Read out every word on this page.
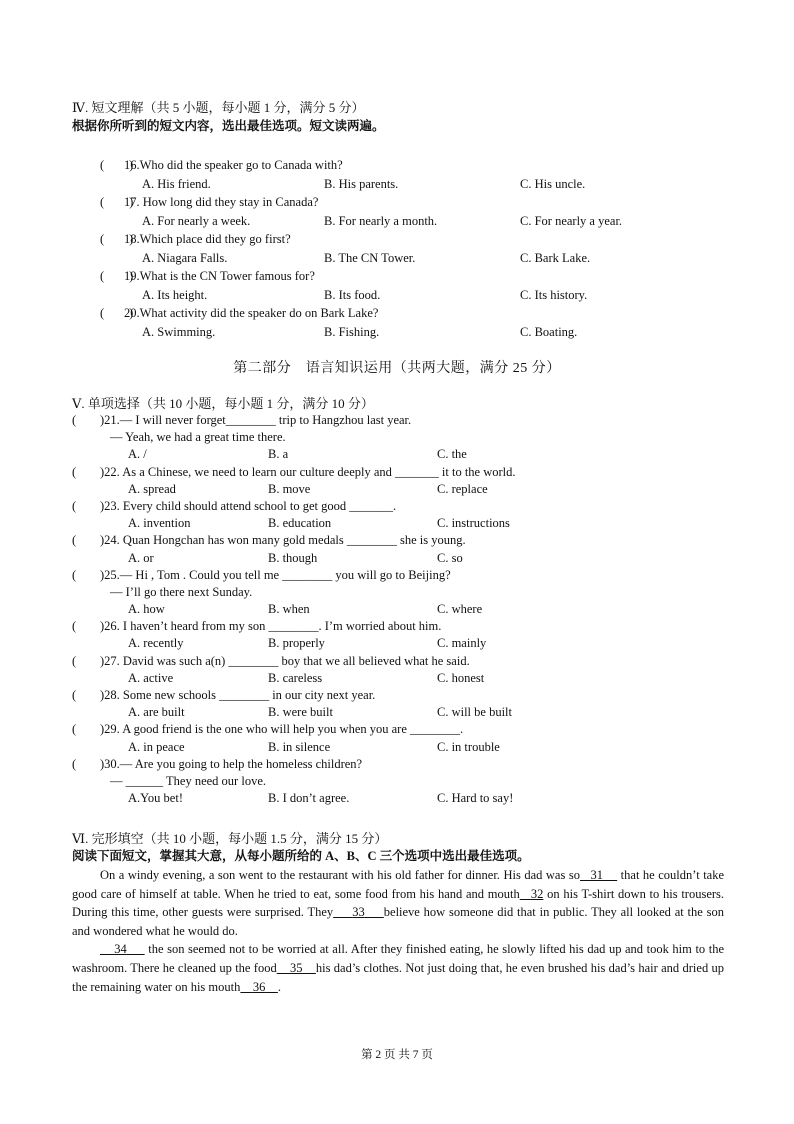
Ⅳ. 短文理解（共 5 小题，每小题 1 分，满分 5 分）
根据你所听到的短文内容，选出最佳选项。短文读两遍。
(　　)
16.Who did the speaker go to Canada with?
A. His friend.	B. His parents.	C. His uncle.
(　　)
17. How long did they stay in Canada?
A. For nearly a week.	B. For nearly a month.	C. For nearly a year.
(　　)
18.Which place did they go first?
A. Niagara Falls.	B. The CN Tower.	C. Bark Lake.
(　　)
19.What is the CN Tower famous for?
A. Its height.	B. Its food.	C. Its history.
(　　)
20.What activity did the speaker do on Bark Lake?
A. Swimming.	B. Fishing.	C. Boating.
第二部分　语言知识运用（共两大题，满分 25 分）
Ⅴ. 单项选择（共 10 小题，每小题 1 分，满分 10 分）
(　　
)21.— I will never forget________ trip to Hangzhou last year.
— Yeah, we had a great time there.
A. /	B. a	C. the
(　　
)22. As a Chinese, we need to learn our culture deeply and _______ it to the world.
A. spread	B. move	C. replace
(　　
)23. Every child should attend school to get good _______.
A. invention	B. education	C. instructions
(　　
)24. Quan Hongchan has won many gold medals ________ she is young.
A. or	B. though	C. so
(　　
)25.— Hi , Tom . Could you tell me ________ you will go to Beijing?
— I’ll go there next Sunday.
A. how	B. when	C. where
(　　
)26. I haven’t heard from my son ________. I’m worried about him.
A. recently	B. properly	C. mainly
(　　
)27. David was such a(n) ________ boy that we all believed what he said.
A. active	B. careless	C. honest
(　　
)28. Some new schools ________ in our city next year.
A. are built	B. were built	C. will be built
(　　
)29. A good friend is the one who will help you when you are ________.
A. in peace	B. in silence	C. in trouble
(　　
)30.— Are you going to help the homeless children?
— ______ They need our love.
A.You bet!	B. I don’t agree.	C. Hard to say!
Ⅵ. 完形填空（共 10 小题，每小题 1.5 分，满分 15 分）
阅读下面短文，掌握其大意，从每小题所给的 A、B、C 三个选项中选出最佳选项。

On a windy evening, a son went to the restaurant with his old father for dinner. His dad was so 31 that he couldn’t take good care of himself at table. When he tried to eat, some food from his hand and mouth 32 on his T-shirt down to his trousers. During this time, other guests were surprised. They 33 believe how someone did that in public. They all looked at the son and wondered what he would do.

34 the son seemed not to be worried at all. After they finished eating, he slowly lifted his dad up and took him to the washroom. There he cleaned up the food 35 his dad’s clothes. Not just doing that, he even brushed his dad’s hair and dried up the remaining water on his mouth 36 .

第 2 页 共 7 页
